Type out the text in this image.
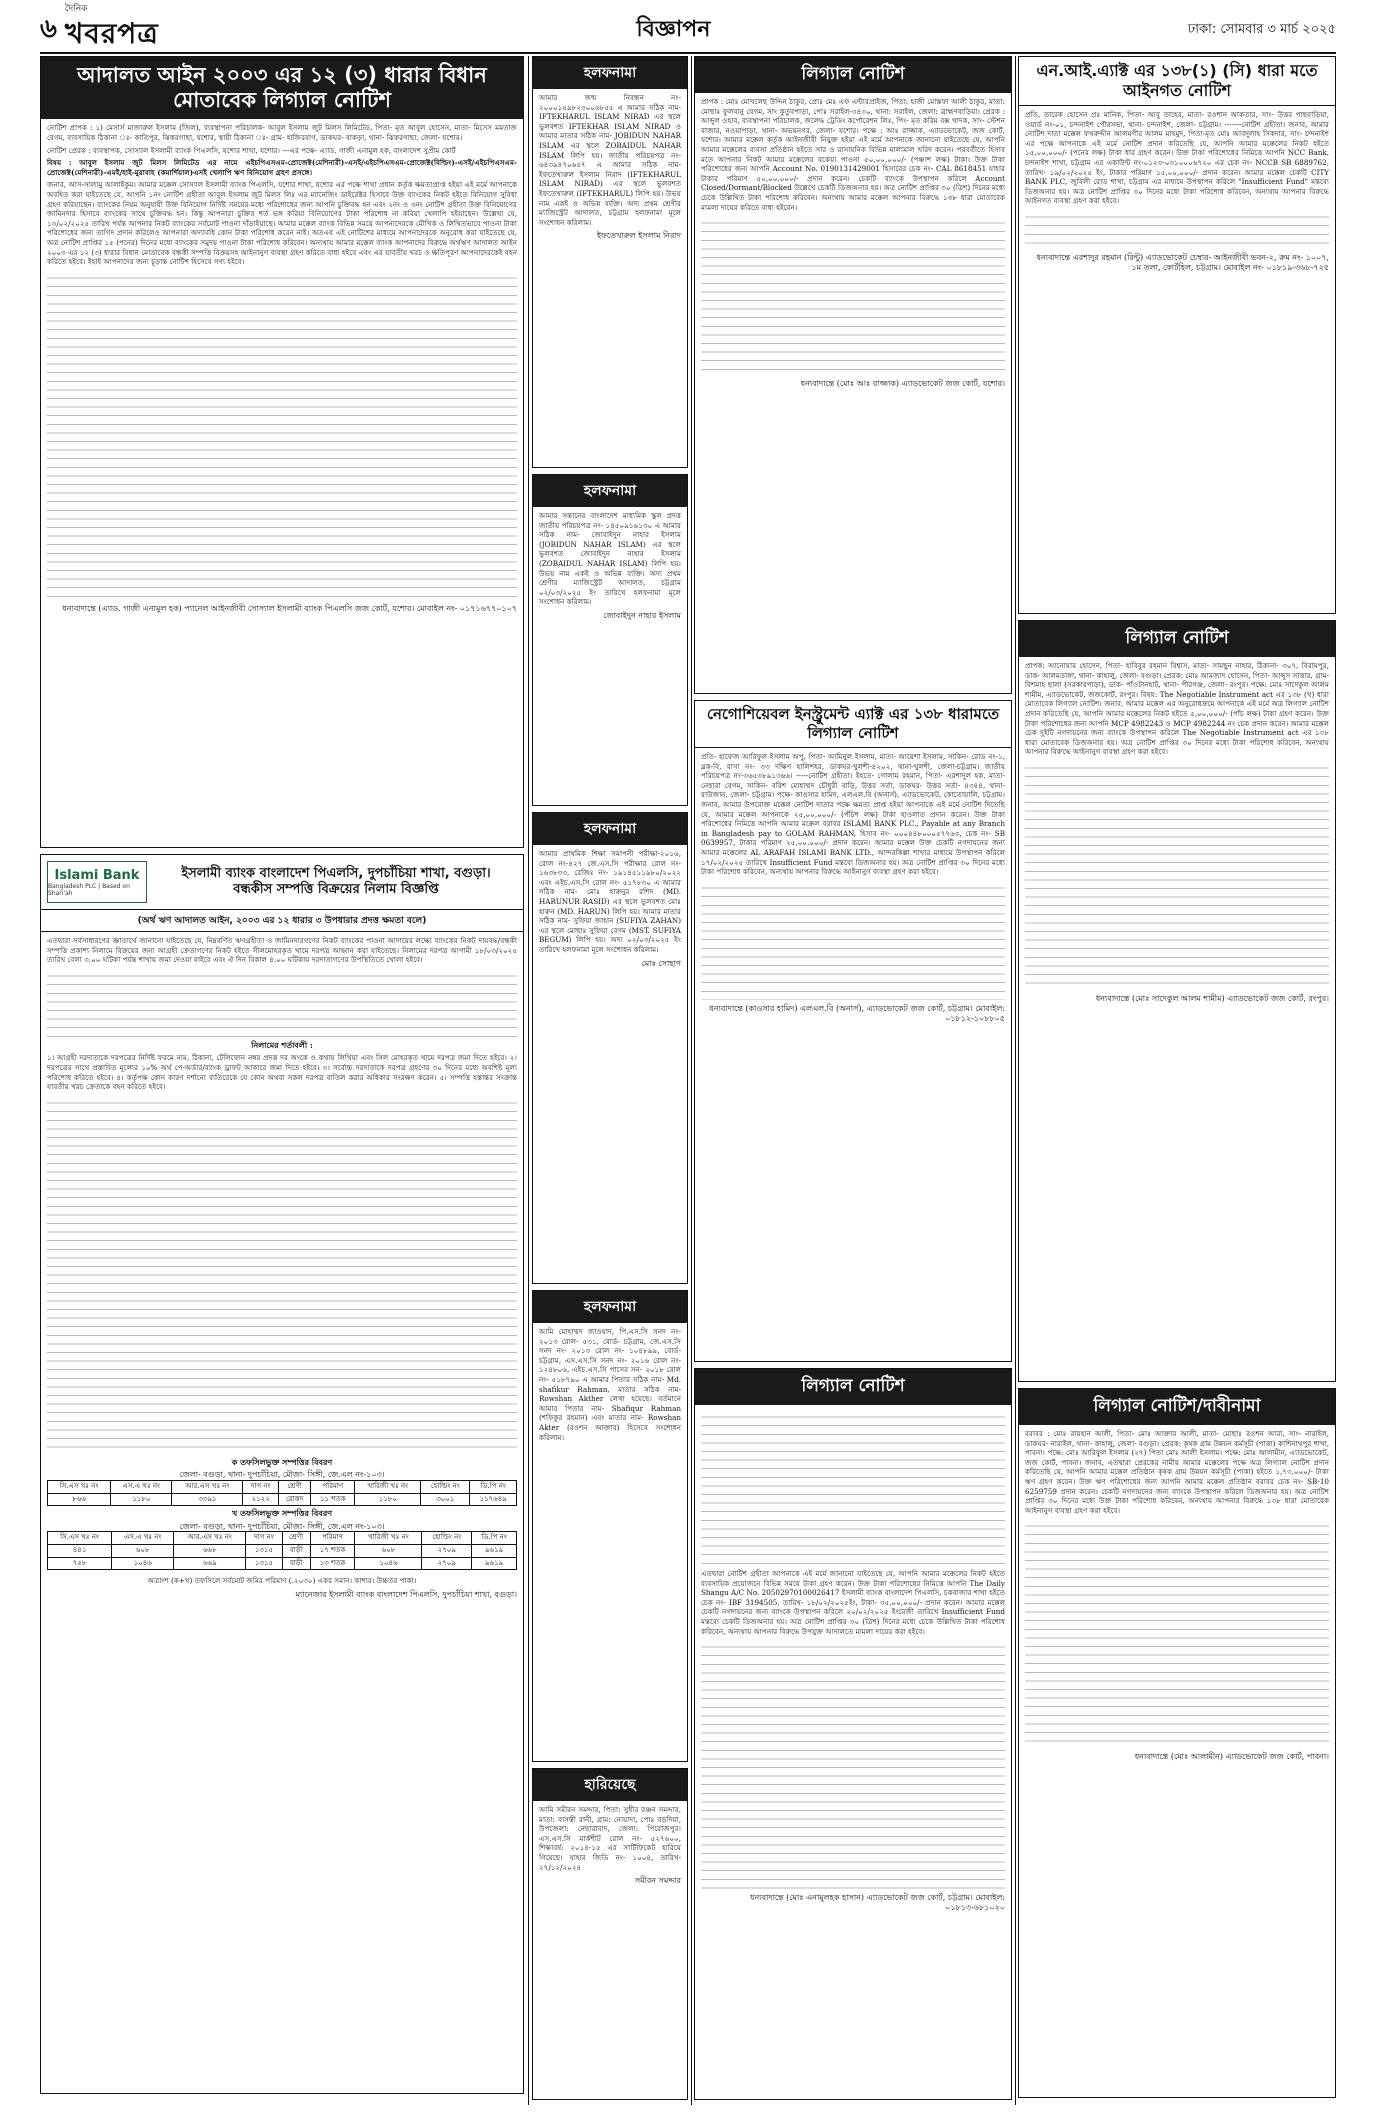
৬
দৈনিক
খবরপত্র	বিজ্ঞাপন	ঢাকা: সোমবার ৩ মার্চ ২০২৫
আদালত আইন ২০০৩ এর ১২ (৩) ধারার বিধান মোতাবেক লিগ্যাল নোটিশ

নোটিশ প্রাপক : ১) মেসার্স মাজারুল ইসলাম (জিল), ব্যবস্থাপনা পরিচালক- আবুল ইসলাম জুট মিলস লিমিটেড, পিতা- মৃত আবুল হোসেন, মাতা- মিসেস মমতাজ বেগম, ব্যবসায়িক ঠিকানা ঃ- কাতিপুর, ঝিকরগাছা, যশোর, স্থায়ী ঠিকানা ঃ- গ্রাম- হাজিরবাগ, ডাকঘর- বাকড়া, থানা- ঝিকরগাছা, জেলা- যশোর।

নোটিশ প্রেরক : ব্যবস্থাপক, সোস্যাল ইসলামী ব্যাংক পিএলসি, যশোর শাখা, যশোর। ---এর পক্ষে- এ্যাড. গাজী এনামুল হক, বাংলাদেশ সুপ্রীম কোর্ট

বিষয় : আবুল ইসলাম জুট মিলস লিমিটেড এর নামে এইচপিএসএম-প্রোজেক্ট(মেশিনারী)-এসই/এইচপিএসএম-প্রোজেক্ট(বিল্ডিং)-এসই/এইচপিএসএম-প্রোজেক্ট(মেশিনারী)-এমই/হাই-মুরাবাহ (কমার্শিয়াল)এসই খেলাপি ঋণ বিনিয়োগ গ্রহণ প্রসঙ্গে।

জনাব, আস-সালামু আলাইকুম। আমার মক্কেল সোস্যাল ইসলামী ব্যাংক পিএলসি, যশোর শাখা, যশোর এর পক্ষে শাখা প্রধান কর্তৃক ক্ষমতাপ্রাপ্ত হইয়া এই মর্মে আপনাকে অবহিত করা যাইতেছে যে, আপনি ১নং নোটিশ গ্রহীতা আবুল ইসলাম জুট মিলস লিঃ এর ম্যানেজিং ডাইরেক্টর হিসাবে উক্ত ব্যাংকের নিকট হইতে বিনিয়োগ সুবিধা গ্রহণ করিয়াছেন। ব্যাংকের নিয়ম অনুযায়ী উক্ত বিনিয়োগ নির্দিষ্ট সময়ের মধ্যে পরিশোধের জন্য আপনি চুক্তিবদ্ধ হন এবং ২নং ও ৩নং নোটিশ গ্রহীতা উক্ত বিনিয়োগের জামিনদার হিসাবে ব্যাংকের সাথে চুক্তিবদ্ধ হন। কিন্তু আপনারা চুক্তির শর্ত ভঙ্গ করিয়া বিনিয়োগের টাকা পরিশোধ না করিয়া খেলাপি হইয়াছেন। উল্লেখ্য যে, ১৩/০২/২০২৫ তারিখ পর্যন্ত আপনার নিকট ব্যাংকের সর্বমোট পাওনা দাঁড়াইয়াছে। আমার মক্কেল ব্যাংক বিভিন্ন সময়ে আপনাদেরকে মৌখিক ও লিখিতভাবে পাওনা টাকা পরিশোধের জন্য তাগিদ প্রদান করিলেও আপনারা অদ্যাবধি কোন টাকা পরিশোধ করেন নাই। অতএব এই নোটিশের মাধ্যমে আপনাদেরকে অনুরোধ করা যাইতেছে যে, অত্র নোটিশ প্রাপ্তির ১৫ (পনের) দিনের মধ্যে ব্যাংকের সমুদয় পাওনা টাকা পরিশোধ করিবেন। অন্যথায় আমার মক্কেল ব্যাংক আপনাদের বিরুদ্ধে অর্থঋণ আদালত আইন ২০০৩ এর ১২ (৩) ধারার বিধান মোতাবেক বন্ধকী সম্পত্তি বিক্রয়সহ আইনানুগ ব্যবস্থা গ্রহণ করিতে বাধ্য হইবে এবং এর যাবতীয় খরচ ও ক্ষতিপূরণ আপনাদেরকেই বহন করিতে হইবে। ইহাই আপনাদের জন্য চূড়ান্ত নোটিশ হিসেবে গণ্য হইবে।

ধন্যবাদান্তে (এ্যাড. গাজী এনামুল হক) প্যানেল আইনজীবী সোস্যাল ইসলামী ব্যাংক পিএলসি জজ কোর্ট, যশোর। মোবাইল নং- ০১৭১৬৭৭০১০৭
Islami Bank
Bangladesh PLC | Based on Shari'ah
ইসলামী ব্যাংক বাংলাদেশ পিএলসি, দুপচাঁচিয়া শাখা, বগুড়া।
বন্ধকীস সম্পত্তি বিক্রয়ের নিলাম বিজ্ঞপ্তি
(অর্থ ঋণ আদালত আইন, ২০০৩ এর ১২ ধারার ৩ উপধারার প্রদত্ত ক্ষমতা বলে)

এতদ্বারা সর্বসাধারণের জ্ঞাতার্থে জানানো যাইতেছে যে, নিম্নবর্ণিত ঋণগ্রহীতা ও জামিনদারগণের নিকট ব্যাংকের পাওনা আদায়ের লক্ষ্যে ব্যাংকের নিকট দায়বদ্ধ/বন্ধকী সম্পত্তি প্রকাশ্য নিলামে বিক্রয়ের জন্য আগ্রহী ক্রেতাগণের নিকট হইতে সীলমোহরকৃত খামে দরপত্র আহ্বান করা যাইতেছে। নিলামের দরপত্র আগামী ১৮/০৩/২০২৫ তারিখ বেলা ৩.০০ ঘটিকা পর্যন্ত শাখায় জমা দেওয়া যাইবে এবং ঐ দিন বিকাল ৪.০০ ঘটিকায় দরদাতাগণের উপস্থিতিতে খোলা হইবে।

নিলামের শর্তাবলী :

১। আগ্রহী দরদাতাকে দরপত্রের নির্দিষ্ট ফরমে নাম, ঠিকানা, টেলিফোন নম্বর প্রদত্ত দর অংকে ও কথায় লিখিয়া এবং সিল মোহরকৃত খামে দরপত্র জমা দিতে হইবে। ২। দরপত্রের সাথে প্রস্তাবিত মূল্যের ১০% অর্থ পে-অর্ডার/ব্যাংক ড্রাফট আকারে জমা দিতে হইবে। ৩। সর্বোচ্চ দরদাতাকে দরপত্র গ্রহণের ৩০ দিনের মধ্যে অবশিষ্ট মূল্য পরিশোধ করিতে হইবে। ৪। কর্তৃপক্ষ কোন কারণ দর্শানো ব্যতিরেকে যে কোন অথবা সকল দরপত্র বাতিল করার অধিকার সংরক্ষণ করেন। ৫। সম্পত্তি হস্তান্তর সংক্রান্ত যাবতীয় খরচ ক্রেতাকে বহন করিতে হইবে।

ক তফসিলভুক্ত সম্পত্তির বিবরণ
জেলা- বগুড়া, থানা- দুপচাঁচিয়া, মৌজা- সিঙ্গী, জে.এল নং-১০৩।
সি.এস খঃ নং	এস.এ খঃ নং	আর.এস খঃ নং	দাগ নং	শ্রেণী	পরিমাণ	খারিজী খঃ নং	হোল্ডিং নং	ডি.পি নং
৮৬৬	১১৮০	৩৩৯১	২১২২	রোকদ	১১ শতক	১১৮০	৩০০১	১১৭৬৪৯
খ তফসিলভুক্ত সম্পত্তির বিবরণ
জেলা- বগুড়া, থানা- দুপচাঁচিয়া, মৌজা- সিঙ্গী, জে.এল নং-১০৩।
সি.এস খঃ নং	এস.এ খঃ নং	আর.এস খঃ নং	দাগ নং	শ্রেণী	পরিমাণ	খারিজী খঃ নং	হোল্ডিং নং	ডি.পি নং
৪৪১	৬০৮	৬৬৮	১৩১৫	বাড়ী	১৭ শতক	৬০৮	২৭০৯	৯৬১৯
৭৫৮	১০৪৬	৬৬৯	১৩১৫	বাড়ী	১৩ শতক	১০৪৬	২৭০৯	৯৬১৯

অত্রাংশ (ক+খ) তফসিলে সর্বমোট জমির পরিমাণ (.২০৩০) একর সমান। কাশ্যর। উচ্চতর পাকা।

ম্যানেজার ইসলামী ব্যাংক বাংলাদেশ পিএলসি, দুপচাঁচিয়া শাখা, বগুড়া।
হলফনামা

আমার জন্ম নিবন্ধন নং- ২০০০১৫৯৮২৩০০৬৮৫৫ এ আমার সঠিক নাম- IFTEKHARUL ISLAM NIRAD এর স্থলে ভুলবশত IFTEKHAR ISLAM NIRAD ও আমার মাতার সঠিক নাম- JOBIDUN NAHAR ISLAM এর স্থলে ZOBAIDUL NAHAR ISLAM লিপি হয়। জাতীয় পরিচয়পত্র নং- ৬৪৩৯৪৭০৬৫৭ এ আমার সঠিক নাম- ইফতেখারুল ইসলাম নিরাদ (IFTEKHARUL ISLAM NIRAD) এর স্থলে ভুলবশত ইফতেখারুল (IFTEKHARUL) লিপি হয়। উভয় নাম একই ও অভিন্ন ব্যক্তি। অদ্য প্রথম শ্রেণীর ম্যাজিস্ট্রেট আদালত, চট্টগ্রাম হলফনামা মূলে সংশোধন করিলাম।

ইফতেখারুল ইসলাম নিরাদ
হলফনামা

আমার সন্তানের বাংলাদেশ মাধ্যমিক স্কুল প্রদত্ত জাতীয় পরিচয়পত্র নং- ১৪৫০৯১৬১৩০ এ আমার সঠিক নাম- জোবাইদুন নাহার ইসলাম (JOBIDUN NAHAR ISLAM) এর স্থলে ভুলবশত জোবাইদুন নাহার ইসলাম (ZOBAIDUL NAHAR ISLAM) লিপি হয়। উভয় নাম একই ও অভিন্ন ব্যক্তি। অদ্য প্রথম শ্রেণীর ম্যাজিস্ট্রেট আদালত, চট্টগ্রাম ০২/০৩/২০২৫ ইং তারিখে হলফনামা মূলে সংশোধন করিলাম।

জোবাইদুন নাহার ইসলাম
হলফনামা

আমার প্রাথমিক শিক্ষা সমাপনী পরীক্ষা-২০১৬, রোল নং-৪২৭ জে.এস.সি পরীক্ষার রোল নং- ১৬৩৮৩৩, রেজিঃ নং- ১৯১৪৫১১৯৮০/২০২২ এবং এইচ.এস.সি রোল নং- ৫১৭৮৩০ এ আমার সঠিক নাম- মোঃ হারুনুর রশিদ (MD. HARUNUR RASID) এর স্থলে ভুলবশত মোঃ হারুন (MD. HARUN) লিপি হয়। আমার মাতার সঠিক নাম- সুফিয়া জাহান (SUFIYA ZAHAN) এর স্থলে মোছাঃ সুফিয়া বেগম (MST. SUFIYA BEGUM) লিপি হয়। অদ্য ০২/০৩/২০২৫ ইং তারিখে হলফনামা মূলে সংশোধন করিলাম।

মোঃ সোহাগ
হলফনামা

আমি মোহাম্মদ জাওয়াদ, পি.এস.সি সনদ নং- ২০১৩ রোল- ৫৩১, বোর্ড- চট্টগ্রাম, জে.এস.সি সনদ নং- ২০১৩ রোল নং- ১০৪৮৯৯, বোর্ড- চট্টগ্রাম, এস.এস.সি সনদ নং- ২০১৬ রোল নং- ১২৪৮০৬, এইচ.এস.সি পাসের সন- ২০১৮ রোল নং- ৫১৮৭৯০ এ আমার পিতার সঠিক নাম- Md. shafikur Rahman, মাতার সঠিক নাম- Rowshan Akther লেখা হয়েছে। বর্তমানে আমার পিতার নাম- Shafiqur Rahman (শফিকুর রহমান) এবং মাতার নাম- Rowshan Akter (রওশন আক্তার) হিসেবে সংশোধন করিলাম।

হারিয়েছে

আমি সমীরন সমদ্দার, পিতা: সুধীর রঞ্জন সমদ্দার, মাতা: বাসন্তী রানী, গ্রাম: নোয়াদা, পোঃ বড়দিয়া, উপজেলা: নেছারাবাদ, জেলা: পিরোজপুর। এস.এস.সি মার্কশীট রোল নং- ৫২৭৬০০, শিক্ষাবর্ষ: ২০১৪-১৫ এর সার্টিফিকেট হারিয়ে গিয়েছে। যাহার জিডি নং- ১০০৪, তারিখ- ২৭/১২/২০২৪

সমীরন সমদ্দার
লিগ্যাল নোটিশ

প্রাপক : মোঃ মোখলেছ উদ্দিন ঠাকুর, প্রোঃ মেঃ এফ এন্টারপ্রাইজ, পিতা: হাজী মোস্তফা আলী ঠাকুর, মাতা: মোছাঃ ফুলবানু বেগম, সাং কুতুবপাড়া, পোঃ সরাইল-৩৪৩০, থানা: সরাইল, জেলা: ব্রাহ্মণবাড়িয়া। প্রেরক : আব্দুল ওহাব, ব্যবস্থাপনা পরিচালক, জলেদ্ধ ট্রেডিং কর্পোরেশন লিঃ, পিং- মৃত করিম বক্স খাদক, সাং- স্টেশন বাজার, নওয়াপাড়া, থানা- অভয়নগর, জেলা- যশোর। পক্ষে : আঃ রাজ্জাক, এ্যাডভোকেট, জজ কোর্ট, যশোর। আমার মক্কেল কর্তৃক আইনজীবী নিযুক্ত হইয়া এই মর্মে আপনাকে জানানো যাইতেছে যে, আপনি আমার মক্কেলের ব্যবসা প্রতিষ্ঠান হইতে সার ও রাসায়নিক বিভিন্ন মালামাল খরিদ করেন। পরবর্তীতে হিসাব মতে আপনার নিকট আমার মক্কেলের বকেয়া পাওনা ৫০,০০,০০০/- (পঞ্চাশ লক্ষ) টাকা। উক্ত টাকা পরিশোধের জন্য আপনি Account No. 0190131429001 হিসাবের চেক নং- CAL 8618451 যাহার টাকার পরিমাণ ৫০,০০,০০০/- প্রদান করেন। চেকটি ব্যাংকে উপস্থাপন করিলে Account Closed/Dormant/Blocked উল্লেখে চেকটি ডিজঅনার হয়। অত্র নোটিশ প্রাপ্তির ৩০ (ত্রিশ) দিনের মধ্যে চেকে উল্লিখিত টাকা পরিশোধ করিবেন। অন্যথায় আমার মক্কেল আপনার বিরুদ্ধে ১৩৮ ধারা মোতাবেক মামলা দায়ের করিতে বাধ্য হইবেন।

ধন্যবাদান্তে (মোঃ আঃ রাজ্জাক) এ্যাডভোকেট জজ কোর্ট, যশোর।
নেগোশিয়েবল ইনস্ট্রুমেন্ট এ্যাক্ট এর ১৩৮ ধারামতে লিগ্যাল নোটিশ

প্রতি- হাফেজ আরিফুল ইসলাম অপু, পিতা- আমিনুল ইসলাম, মাতা- আয়েশা ইসলাম, সাকিন- রোড নং-১, ব্লক-বি, বাসা নং- ৩৩ দক্ষিণ হালিশহর, ডাকঘর-খুলশী-৪২০২, থানা-খুলশী, জেলা-চট্টগ্রাম। জাতীয় পরিচয়পত্র নং-৩৬৫৩৮৯১৩৬৬। -----নোটিশ গ্রহীতা। ইহতে- গোলাম রহমান, পিতা- এরশাদুল হক, মাতা- নেছারা বেগম, সাকিন- বরিশ মোহাম্মদ চৌধুরী বাড়ি, উত্তর সর্তা, ডাকঘর- উত্তর সর্তা- ৪৩৪৪, থানা- রাউজান, জেলা- চট্টগ্রাম। পক্ষে- কাওসার হামিদ, এলএল.বি (অনার্স), এ্যাডভোকেট, কোতোয়ালি, চট্টগ্রাম। জনাব, আমার উপরোক্ত মক্কেল নোটিশ দাতার পক্ষে ক্ষমতা প্রাপ্ত হইয়া আপনাকে এই মর্মে নোটিশ দিতেছি যে, আমার মক্কেল আপনাকে ২৫,০০,০০০/- (পঁচিশ লক্ষ) টাকা হাওলাত প্রদান করেন। উক্ত টাকা পরিশোধের নিমিত্তে আপনি আমার মক্কেল বরাবর ISLAMI BANK PLC., Payable at any Branch in Bangladesh pay to GOLAM RAHMAN, হিসাব নং- ০০০৪৪৮০০০৫৭৭৬৩, চেক নং- SB 0639957, টাকার পরিমাণ ২৫,০০,০০০/- প্রদান করেন। আমার মক্কেল উক্ত চেকটি নগদায়নের জন্য আমার মক্কেলের AL ARAFAH ISLAMI BANK LTD., আন্দরকিল্লা শাখার মাধ্যমে উপস্থাপন করিলে ১৭/০২/২০২৫ তারিখে Insufficient Fund মন্তব্যে ডিজঅনার হয়। অত্র নোটিশ প্রাপ্তির ৩০ দিনের মধ্যে টাকা পরিশোধ করিবেন, অন্যথায় আপনার বিরুদ্ধে আইনানুগ ব্যবস্থা গ্রহণ করা হইবে।

ধন্যবাদান্তে (কাওসার হামিদ) এলএল.বি (অনার্স), এ্যাডভোকেট জজ কোর্ট, চট্টগ্রাম। মোবাইল: ০১৮১২-১০৮৮০৫
লিগ্যাল নোটিশ

এতদ্বারা নোটিশ গ্রহীতা আপনাকে এই মর্মে জানানো যাইতেছে যে, আপনি আমার মক্কেলের নিকট হইতে ব্যবসায়িক প্রয়োজনে বিভিন্ন সময়ে টাকা গ্রহণ করেন। উক্ত টাকা পরিশোধের নিমিত্তে আপনি The Daily Shangu A/C No. 20502970100026417 ইসলামী ব্যাংক বাংলাদেশ পিএলসি, চকবাজার শাখা হইতে চেক নং- IBF 3194505, তারিখ- ১৮/০২/২০২৫ইং, টাকা- ৩৫,০০,০০০/- প্রদান করেন। আমার মক্কেল চেকটি নগদায়নের জন্য ব্যাংকে উপস্থাপন করিলে ২০/০২/২০২৫ ইংরেজী তারিখে Insufficient Fund মন্তব্যে চেকটি ডিজঅনার হয়। অত্র নোটিশ প্রাপ্তির ৩০ (ত্রিশ) দিনের মধ্যে চেকে উল্লিখিত টাকা পরিশোধ করিবেন, অন্যথায় আপনার বিরুদ্ধে উপযুক্ত আদালতে মামলা দায়ের করা হইবে।

ধন্যবাদান্তে (মোঃ এনামুলহক হাসান) এ্যাডভোকেট জজ কোর্ট, চট্টগ্রাম। মোবাইল: ০১৮১৩-৬৮১০২০
এন.আই.এ্যাক্ট এর ১৩৮(১) (সি) ধারা মতে আইনগত নোটিশ

প্রতি, তারেক হোসেন প্রঃ মানিক, পিতা- আবু তাহের, মাতা- রওশান আকতার, সাং- উত্তর পাছবাড়িয়া, ওয়ার্ড নং-০১, চন্দনাইশ পৌরসভা, থানা- চন্দনাইশ, জেলা- চট্টগ্রাম। -------নোটিশ গ্রহীতা। জনাব, আমার নোটিশ দাতা মক্কেল ফখরুদ্দীন আলমগীর আলম মাহমুদ, পিতা-মৃত মোঃ আবদুলাহ সিকদার, সাং- চন্দনাইশ এর পক্ষে আপনাকে এই মর্মে নোটিশ প্রদান করিতেছি যে, আপনি আমার মক্কেলের নিকট হইতে ১৫,০০,০০০/- (পনের লক্ষ) টাকা ধার গ্রহণ করেন। উক্ত টাকা পরিশোধের নিমিত্তে আপনি NCC Bank, চন্দনাইশ শাখা, চট্টগ্রাম এর একাউন্ট নং-০১২৩-০৩১০০০৬৭২০ এর চেক নং- NCCB SB 6889762, তারিখ- ১৯/০২/২০২৫ ইং, টাকার পরিমাণ ১৫,০০,০০০/- প্রদান করেন। আমার মক্কেল চেকটি CITY BANK PLC, জুবিলী রোড শাখা, চট্টগ্রাম এর মাধ্যমে উপস্থাপন করিলে "Insufficient Fund" মন্তব্যে ডিজঅনার হয়। অত্র নোটিশ প্রাপ্তির ৩০ দিনের মধ্যে টাকা পরিশোধ করিবেন, অন্যথায় আপনার বিরুদ্ধে আইনগত ব্যবস্থা গ্রহণ করা হইবে।

ধন্যবাদান্তে এরশাদুর রহমান (রিন্টু) এ্যাডভোকেট চেম্বার- আইনজীবী ভবন-২, রুম নং- ১০০৭, ১ম তলা, কোর্টহিল, চট্টগ্রাম। মোবাইল নং- ০১৮১৯-৩৬৮-৭২৫
লিগ্যাল নোটিশ

প্রাপক: আনোয়ার হোসেন, পিতা- হাবিবুর রহমান বিশ্বাস, মাতা- সামছুন নাহার, ঠিকানা- ৩০৭, বিরামপুর, ডাক- আলমডাঙ্গা, থানা- কাহালু, জেলা- বগুড়া। প্রেরক: মোঃ আমজাদ হোসেন, পিতা- আব্দুস সাত্তার, গ্রাম- বিশমাহ ছালা (সরকারপাড়া), ডাক- পাঁওটানহাট, থানা- পীরগঞ্জ, জেলা- রংপুর। পক্ষে: মোঃ সাদেকুল আলম শামীম, এ্যাডভোকেট, জজকোর্ট, রংপুর। বিষয়: The Negotiable Instrument act এর ১৩৮ (খ) ধারা মোতাবেক লিগ্যাল নোটিশ। জনাব, আমার মক্কেল এর অনুরোধক্রমে আপনাকে এই মর্মে অত্র লিগ্যাল নোটিশ প্রদান করিতেছি যে, আপনি আমার মক্কেলের নিকট হইতে ৫,০০,০০০/- (পাঁচ লক্ষ) টাকা গ্রহণ করেন। উক্ত টাকা পরিশোধের জন্য আপনি MCP 4982243 ও MCP 4982244 নং চেক প্রদান করেন। আমার মক্কেল চেক দুইটি নগদায়নের জন্য ব্যাংকে উপস্থাপন করিলে The Negotiable Instrument act এর ১৩৮ ধারা মোতাবেক ডিজঅনার হয়। অত্র নোটিশ প্রাপ্তির ৩০ দিনের মধ্যে টাকা পরিশোধ করিবেন, অন্যথায় আপনার বিরুদ্ধে আইনানুগ ব্যবস্থা গ্রহণ করা হইবে।

ধন্যবাদান্তে (মোঃ সাদেকুল আলম শামীম) এ্যাডভোকেট জজ কোর্ট, রংপুর।
লিগ্যাল নোটিশ/দাবীনামা

বরাবর : মোঃ রায়হান আলী, পিতা- মোঃ আক্তার আলী, মাতা- মোছাঃ রওশন আরা, সাং- নারাইল, ডাকঘর- নারাইল, থানা- কাহালু, জেলা- বগুড়া। প্রেরক: কৃষক গ্রাম উন্নয়ন কর্মসূচী (পাকা) কাশিনাথপুর শাখা, পাবনা। পক্ষে: মোঃ আরিফুল ইসলাম (২৭) পিতা মোঃ আলী ইসলাম। পক্ষে: মোঃ আলামীন, এ্যাডভোকেট, জজ কোর্ট, পাবনা। জনাব, এতদ্বারা প্রেরকের নামীয় আমার মক্কেলের পক্ষে অত্র লিগ্যাল নোটিশ প্রদান করিতেছি যে, আপনি আমার মক্কেল প্রতিষ্ঠান কৃষক গ্রাম উন্নয়ন কর্মসূচী (পাকা) হইতে ১,৭৩,০০০/- টাকা ঋণ গ্রহণ করেন। উক্ত ঋণ পরিশোধের জন্য আপনি আমার মক্কেল প্রতিষ্ঠান বরাবর চেক নং- SB-10 6259759 প্রদান করেন। চেকটি নগদায়নের জন্য ব্যাংকে উপস্থাপন করিলে ডিজঅনার হয়। অত্র নোটিশ প্রাপ্তির ৩০ দিনের মধ্যে উক্ত টাকা পরিশোধ করিবেন, অন্যথায় আপনার বিরুদ্ধে ১৩৮ ধারা মোতাবেক আইনানুগ ব্যবস্থা গ্রহণ করা হইবে।

ধন্যবাদান্তে (মোঃ আলামীন) এ্যাডভোকেট জজ কোর্ট, পাবনা।
